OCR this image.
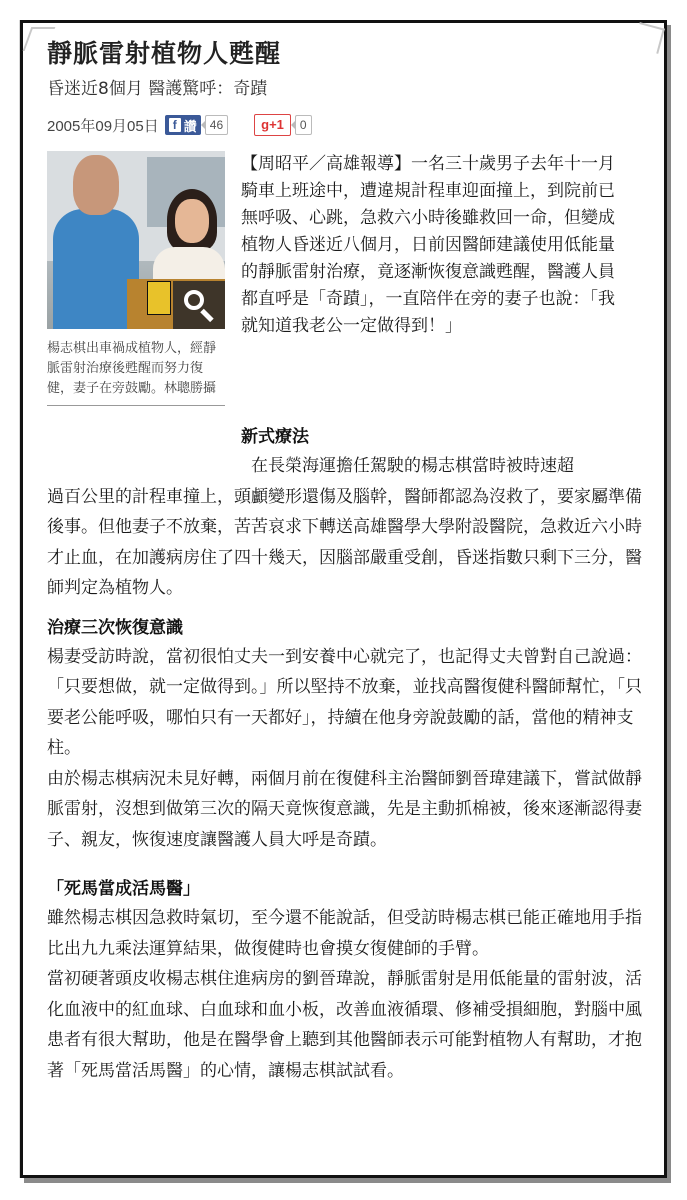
靜脈雷射植物人甦醒
昏迷近8個月 醫護驚呼：奇蹟
2005年09月05日	f 讚	46	g+1	0
楊志棋出車禍成植物人，經靜脈雷射治療後甦醒而努力復健，妻子在旁鼓勵。林聰勝攝
【周昭平／高雄報導】一名三十歲男子去年十一月騎車上班途中，遭違規計程車迎面撞上，到院前已無呼吸、心跳，急救六小時後雖救回一命，但變成植物人昏迷近八個月，日前因醫師建議使用低能量的靜脈雷射治療，竟逐漸恢復意識甦醒，醫護人員都直呼是「奇蹟」，一直陪伴在旁的妻子也說：「我就知道我老公一定做得到！」
新式療法

　　在長榮海運擔任駕駛的楊志棋當時被時速超

過百公里的計程車撞上，頭顱變形還傷及腦幹，醫師都認為沒救了，要家屬準備後事。但他妻子不放棄，苦苦哀求下轉送高雄醫學大學附設醫院，急救近六小時才止血，在加護病房住了四十幾天，因腦部嚴重受創，昏迷指數只剩下三分，醫師判定為植物人。

治療三次恢復意識

楊妻受訪時說，當初很怕丈夫一到安養中心就完了，也記得丈夫曾對自己說過：「只要想做，就一定做得到。」所以堅持不放棄，並找高醫復健科醫師幫忙，「只要老公能呼吸，哪怕只有一天都好」，持續在他身旁說鼓勵的話，當他的精神支柱。

由於楊志棋病況未見好轉，兩個月前在復健科主治醫師劉晉瑋建議下，嘗試做靜脈雷射，沒想到做第三次的隔天竟恢復意識，先是主動抓棉被，後來逐漸認得妻子、親友，恢復速度讓醫護人員大呼是奇蹟。

「死馬當成活馬醫」

雖然楊志棋因急救時氣切，至今還不能說話，但受訪時楊志棋已能正確地用手指比出九九乘法運算結果，做復健時也會摸女復健師的手臂。

當初硬著頭皮收楊志棋住進病房的劉晉瑋說，靜脈雷射是用低能量的雷射波，活化血液中的紅血球、白血球和血小板，改善血液循環、修補受損細胞，對腦中風患者有很大幫助，他是在醫學會上聽到其他醫師表示可能對植物人有幫助，才抱著「死馬當活馬醫」的心情，讓楊志棋試試看。
